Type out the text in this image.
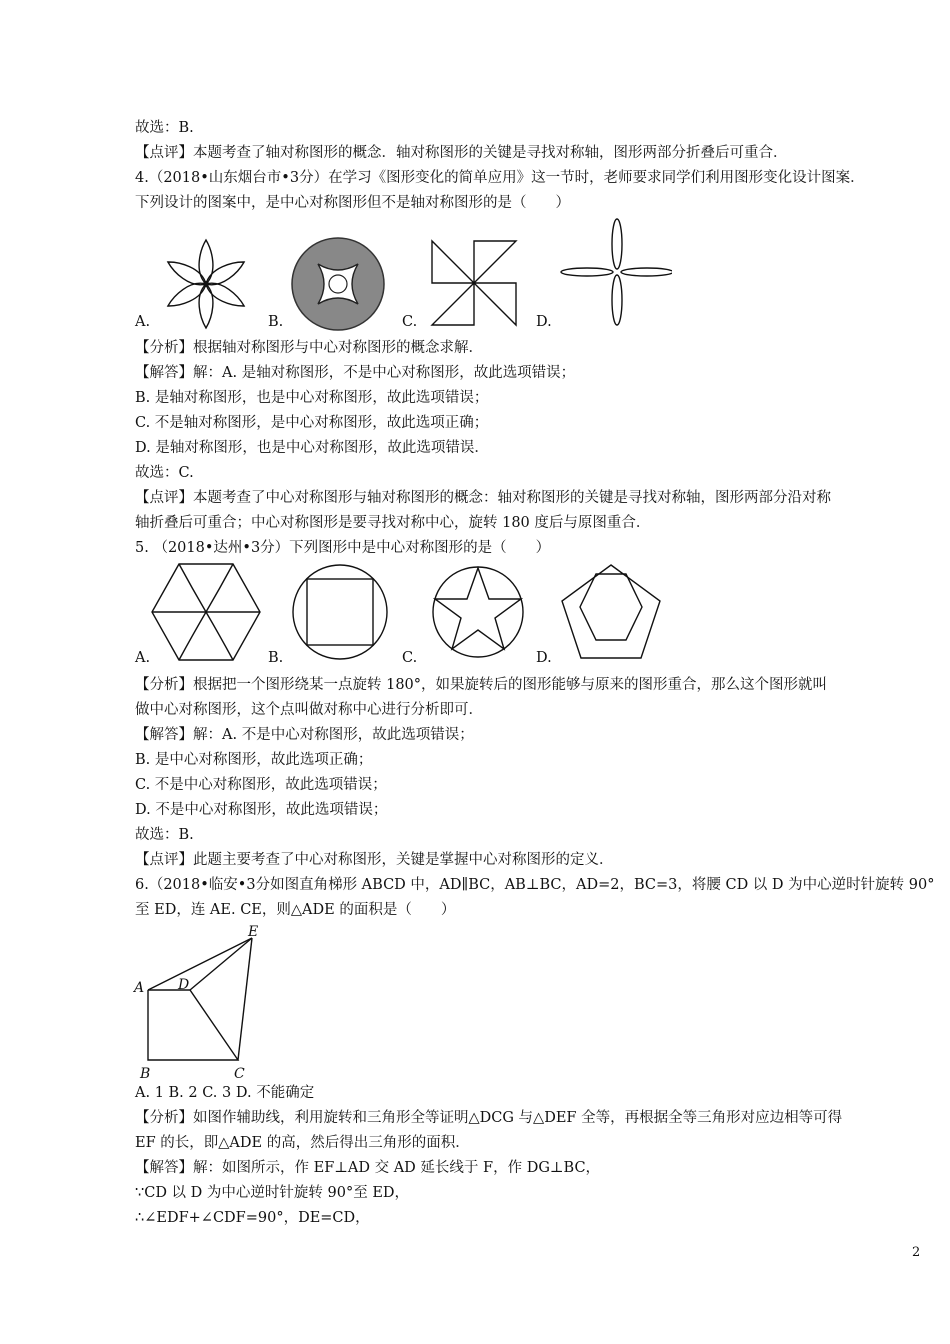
故选：B.
【点评】本题考查了轴对称图形的概念．轴对称图形的关键是寻找对称轴，图形两部分折叠后可重合．
4.（2018•山东烟台市•3分）在学习《图形变化的简单应用》这一节时，老师要求同学们利用图形变化设计图案．
下列设计的图案中，是中心对称图形但不是轴对称图形的是（　　）
A.	B.	C.	D.
【分析】根据轴对称图形与中心对称图形的概念求解．
【解答】解：A. 是轴对称图形，不是中心对称图形，故此选项错误；
B. 是轴对称图形，也是中心对称图形，故此选项错误；
C. 不是轴对称图形，是中心对称图形，故此选项正确；
D. 是轴对称图形，也是中心对称图形，故此选项错误．
故选：C.
【点评】本题考查了中心对称图形与轴对称图形的概念：轴对称图形的关键是寻找对称轴，图形两部分沿对称
轴折叠后可重合；中心对称图形是要寻找对称中心，旋转 180 度后与原图重合．
5. （2018•达州•3分）下列图形中是中心对称图形的是（　　）
A.	B.	C.	D.
【分析】根据把一个图形绕某一点旋转 180°，如果旋转后的图形能够与原来的图形重合，那么这个图形就叫
做中心对称图形，这个点叫做对称中心进行分析即可．
【解答】解：A. 不是中心对称图形，故此选项错误；
B. 是中心对称图形，故此选项正确；
C. 不是中心对称图形，故此选项错误；
D. 不是中心对称图形，故此选项错误；
故选：B.
【点评】此题主要考查了中心对称图形，关键是掌握中心对称图形的定义．
6.（2018•临安•3分如图直角梯形 ABCD 中，AD∥BC，AB⊥BC，AD=2，BC=3，将腰 CD 以 D 为中心逆时针旋转 90°
至 ED，连 AE. CE，则△ADE 的面积是（　　）
A D
E
B	C
A. 1 B. 2 C. 3 D. 不能确定
【分析】如图作辅助线，利用旋转和三角形全等证明△DCG 与△DEF 全等，再根据全等三角形对应边相等可得
EF 的长，即△ADE 的高，然后得出三角形的面积．
【解答】解：如图所示，作 EF⊥AD 交 AD 延长线于 F，作 DG⊥BC，
∵CD 以 D 为中心逆时针旋转 90°至 ED，
∴∠EDF+∠CDF=90°，DE=CD，
2
